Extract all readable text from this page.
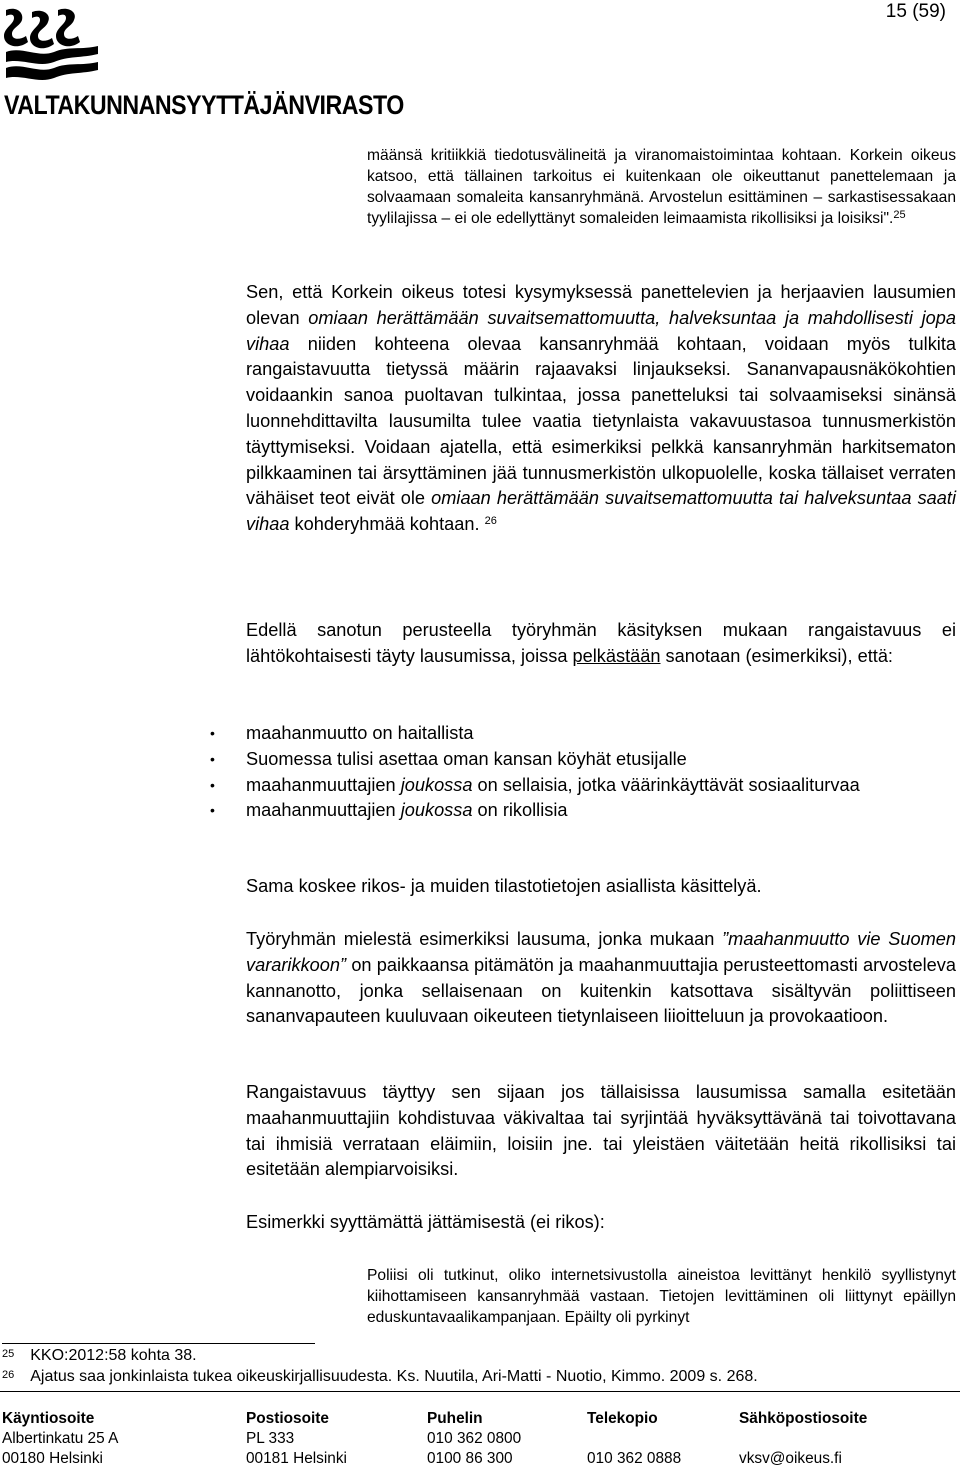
15 (59)
VALTAKUNNANSYYTTÄJÄNVIRASTO
määnsä kritiikkiä tiedotusvälineitä ja viranomaistoimintaa kohtaan. Korkein oikeus katsoo, että tällainen tarkoitus ei kuitenkaan ole oikeuttanut panettelemaan ja solvaamaan somaleita kansanryhmänä. Arvostelun esittäminen – sarkastisessakaan tyylilajissa – ei ole edellyttänyt somaleiden leimaamista rikollisiksi ja loisiksi".$^{25}$

Sen, että Korkein oikeus totesi kysymyksessä panettelevien ja herjaavien lausumien olevan omiaan herättämään suvaitsemattomuutta, halveksuntaa ja mahdollisesti jopa vihaa niiden kohteena olevaa kansanryhmää kohtaan, voidaan myös tulkita rangaistavuutta tietyssä määrin rajaavaksi linjaukseksi. Sananvapausnäkökohtien voidaankin sanoa puoltavan tulkintaa, jossa panetteluksi tai solvaamiseksi sinänsä luonnehdittavilta lausumilta tulee vaatia tietynlaista vakavuustasoa tunnusmerkistön täyttymiseksi. Voidaan ajatella, että esimerkiksi pelkkä kansanryhmän harkitsematon pilkkaaminen tai ärsyttäminen jää tunnusmerkistön ulkopuolelle, koska tällaiset verraten vähäiset teot eivät ole omiaan herättämään suvaitsemattomuutta tai halveksuntaa saati vihaa kohderyhmää kohtaan. $^{26}$

Edellä sanotun perusteella työryhmän käsityksen mukaan rangaistavuus ei lähtökohtaisesti täyty lausumissa, joissa pelkästään sanotaan (esimerkiksi), että:

• maahanmuutto on haitallista
• Suomessa tulisi asettaa oman kansan köyhät etusijalle
• maahanmuuttajien joukossa on sellaisia, jotka väärinkäyttävät sosiaaliturvaa
• maahanmuuttajien joukossa on rikollisia

Sama koskee rikos- ja muiden tilastotietojen asiallista käsittelyä.

Työryhmän mielestä esimerkiksi lausuma, jonka mukaan ”maahanmuutto vie Suomen vararikkoon” on paikkaansa pitämätön ja maahanmuuttajia perusteettomasti arvosteleva kannanotto, jonka sellaisenaan on kuitenkin katsottava sisältyvän poliittiseen sananvapauteen kuuluvaan oikeuteen tietynlaiseen liioitteluun ja provokaatioon.

Rangaistavuus täyttyy sen sijaan jos tällaisissa lausumissa samalla esitetään maahanmuuttajiin kohdistuvaa väkivaltaa tai syrjintää hyväksyttävänä tai toivottavana tai ihmisiä verrataan eläimiin, loisiin jne. tai yleistäen väitetään heitä rikollisiksi tai esitetään alempiarvoisiksi.

Esimerkki syyttämättä jättämisestä (ei rikos):

Poliisi oli tutkinut, oliko internetsivustolla aineistoa levittänyt henkilö syyllistynyt kiihottamiseen kansanryhmää vastaan. Tietojen levittäminen oli liittynyt epäillyn eduskuntavaalikampanjaan. Epäilty oli pyrkinyt
$^{25}$ KKO:2012:58 kohta 38.
$^{26}$ Ajatus saa jonkinlaista tukea oikeuskirjallisuudesta. Ks. Nuutila, Ari-Matti - Nuotio, Kimmo. 2009 s. 268.
Käyntiosoite
Albertinkatu 25 A
00180 Helsinki
Postiosoite
PL 333
00181 Helsinki
Puhelin
010 362 0800
0100 86 300
Telekopio
010 362 0888
Sähköpostiosoite
vksv@oikeus.fi
